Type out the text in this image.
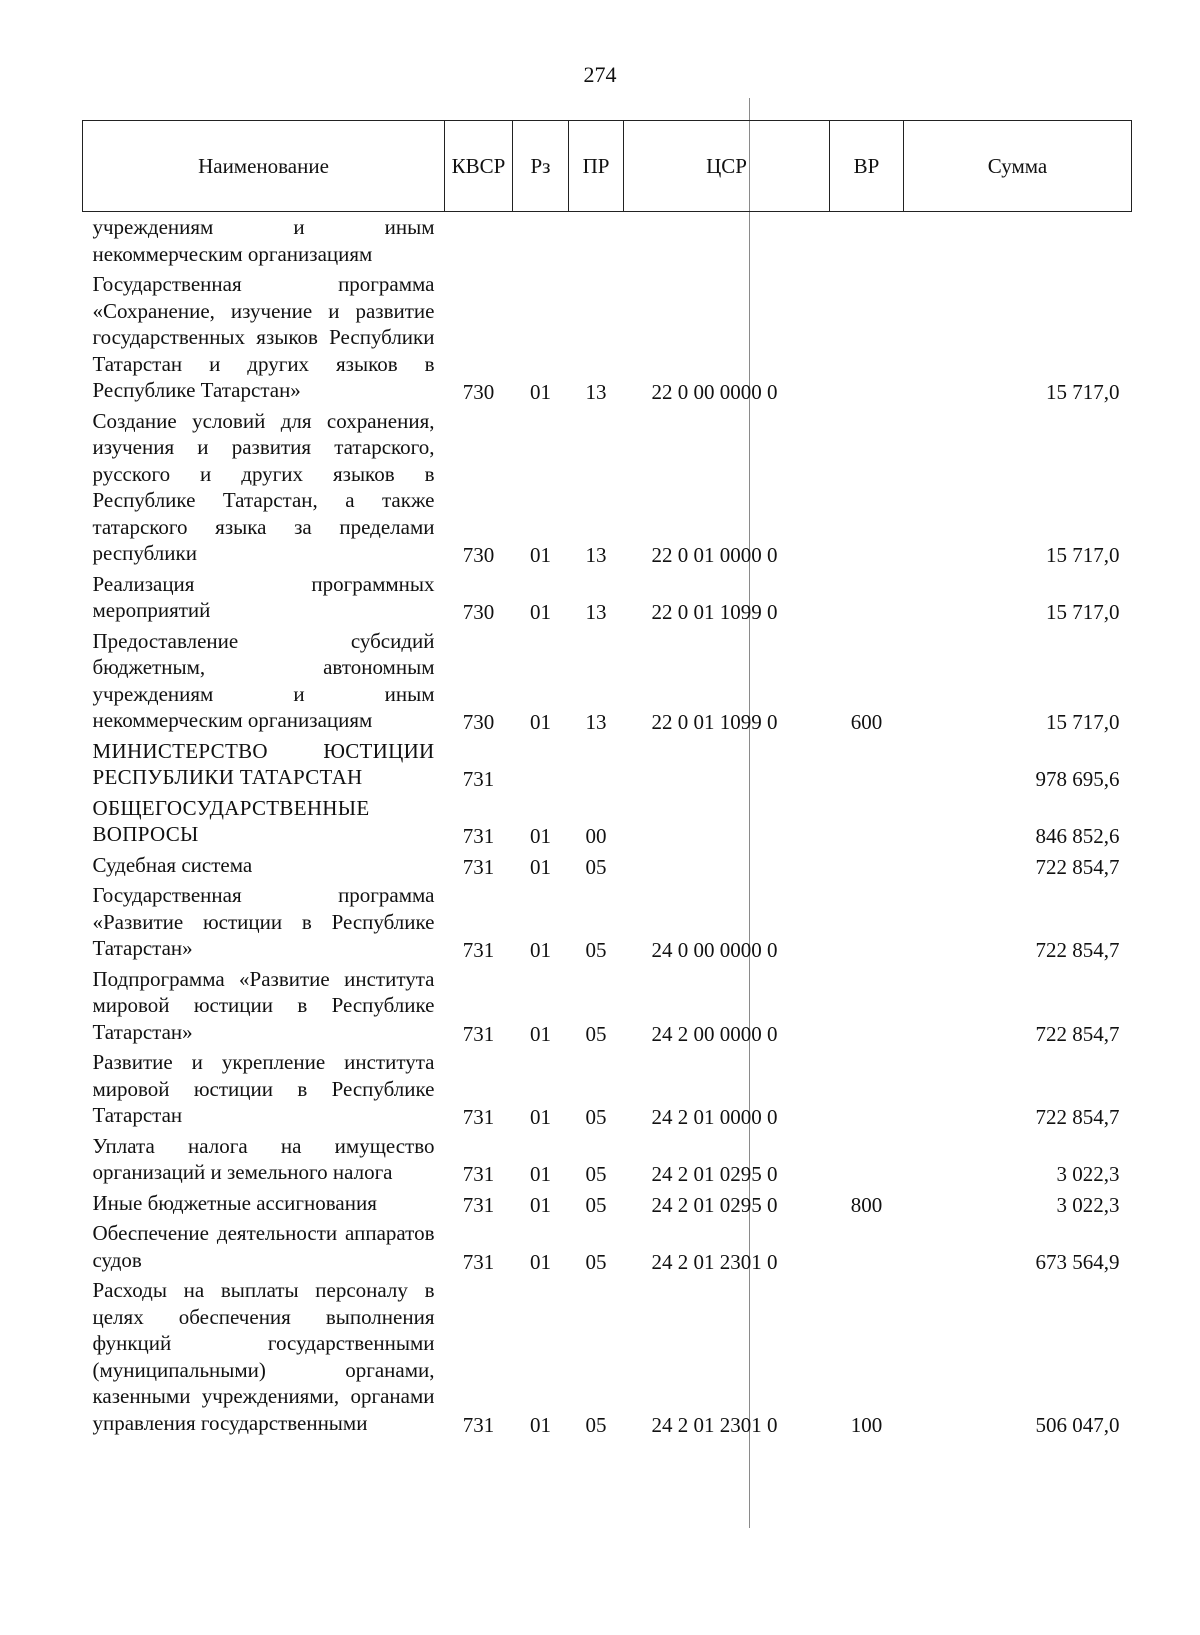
274
Наименование	КВСР	Рз	ПР	ЦСР	ВР	Сумма
учреждениям и иным некоммерческим организациям						
Государственная программа «Сохранение, изучение и развитие государственных языков Республики Татарстан и других языков в Республике Татарстан»	730	01	13	22 0 00 0000 0		15 717,0
Создание условий для сохранения, изучения и развития татарского, русского и других языков в Республике Татарстан, а также татарского языка за пределами республики	730	01	13	22 0 01 0000 0		15 717,0
Реализация программных мероприятий	730	01	13	22 0 01 1099 0		15 717,0
Предоставление субсидий бюджетным, автономным учреждениям и иным некоммерческим организациям	730	01	13	22 0 01 1099 0	600	15 717,0
МИНИСТЕРСТВО ЮСТИЦИИ РЕСПУБЛИКИ ТАТАРСТАН	731					978 695,6
ОБЩЕГОСУДАРСТВЕННЫЕ ВОПРОСЫ	731	01	00			846 852,6
Судебная система	731	01	05			722 854,7
Государственная программа «Развитие юстиции в Республике Татарстан»	731	01	05	24 0 00 0000 0		722 854,7
Подпрограмма «Развитие института мировой юстиции в Республике Татарстан»	731	01	05	24 2 00 0000 0		722 854,7
Развитие и укрепление института мировой юстиции в Республике Татарстан	731	01	05	24 2 01 0000 0		722 854,7
Уплата налога на имущество организаций и земельного налога	731	01	05	24 2 01 0295 0		3 022,3
Иные бюджетные ассигнования	731	01	05	24 2 01 0295 0	800	3 022,3
Обеспечение деятельности аппаратов судов	731	01	05	24 2 01 2301 0		673 564,9
Расходы на выплаты персоналу в целях обеспечения выполнения функций государственными (муниципальными) органами, казенными учреждениями, органами управления государственными	731	01	05	24 2 01 2301 0	100	506 047,0
